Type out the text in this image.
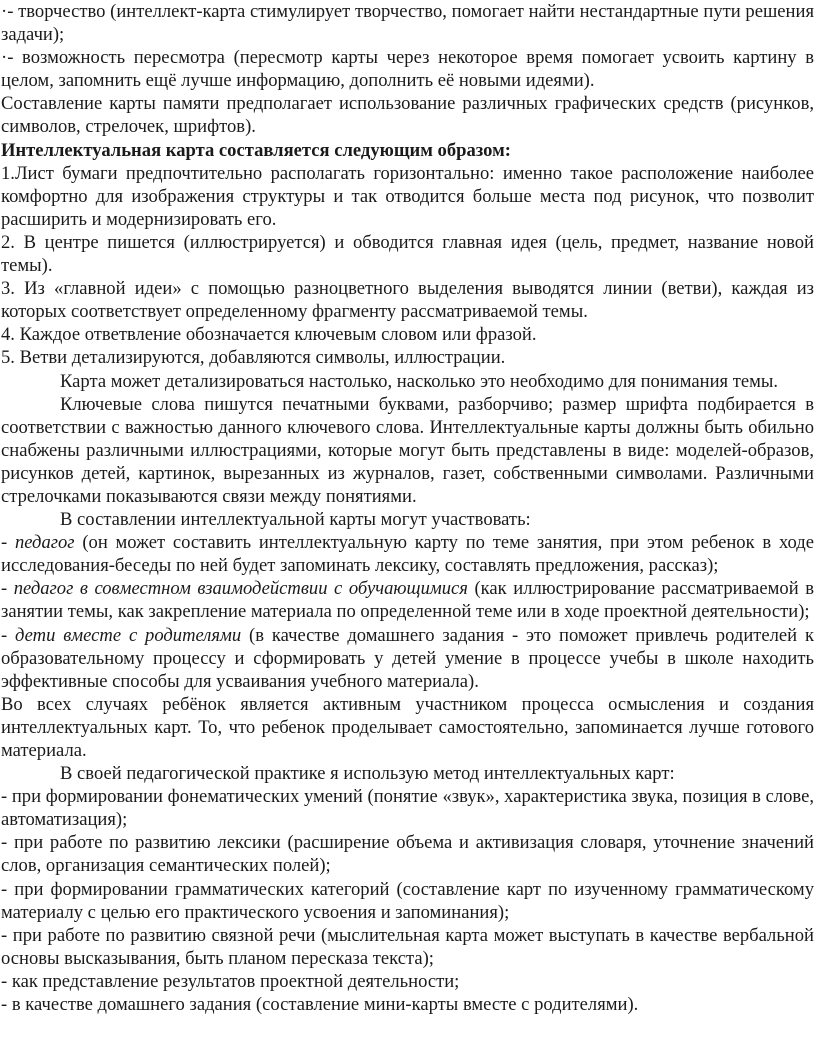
·- творчество (интеллект-карта стимулирует творчество, помогает найти нестандартные пути решения задачи);

·- возможность пересмотра (пересмотр карты через некоторое время помогает усвоить картину в целом, запомнить ещё лучше информацию, дополнить её новыми идеями).

Составление карты памяти предполагает использование различных графических средств (рисунков, символов, стрелочек, шрифтов).

Интеллектуальная карта составляется следующим образом:

1.Лист бумаги предпочтительно располагать горизонтально: именно такое расположение наиболее комфортно для изображения структуры и так отводится больше места под рисунок, что позволит расширить и модернизировать его.

2. В центре пишется (иллюстрируется) и обводится главная идея (цель, предмет, название новой темы).

3. Из «главной идеи» с помощью разноцветного выделения выводятся линии (ветви), каждая из которых соответствует определенному фрагменту рассматриваемой темы.

4. Каждое ответвление обозначается ключевым словом или фразой.

5. Ветви детализируются, добавляются символы, иллюстрации.

Карта может детализироваться настолько, насколько это необходимо для понимания темы.

Ключевые слова пишутся печатными буквами, разборчиво; размер шрифта подбирается в соответствии с важностью данного ключевого слова. Интеллектуальные карты должны быть обильно снабжены различными иллюстрациями, которые могут быть представлены в виде: моделей-образов, рисунков детей, картинок, вырезанных из журналов, газет, собственными символами. Различными стрелочками показываются связи между понятиями.

В составлении интеллектуальной карты могут участвовать:

- педагог (он может составить интеллектуальную карту по теме занятия, при этом ребенок в ходе исследования-беседы по ней будет запоминать лексику, составлять предложения, рассказ);

- педагог в совместном взаимодействии с обучающимися (как иллюстрирование рассматриваемой в занятии темы, как закрепление материала по определенной теме или в ходе проектной деятельности);

- дети вместе с родителями (в качестве домашнего задания - это поможет привлечь родителей к образовательному процессу и сформировать у детей умение в процессе учебы в школе находить эффективные способы для усваивания учебного материала).

Во всех случаях ребёнок является активным участником процесса осмысления и создания интеллектуальных карт. То, что ребенок проделывает самостоятельно, запоминается лучше готового материала.

В своей педагогической практике я использую метод интеллектуальных карт:

- при формировании фонематических умений (понятие «звук», характеристика звука, позиция в слове, автоматизация);

- при работе по развитию лексики (расширение объема и активизация словаря, уточнение значений слов, организация семантических полей);

- при формировании грамматических категорий (составление карт по изученному грамматическому материалу с целью его практического усвоения и запоминания);

- при работе по развитию связной речи (мыслительная карта может выступать в качестве вербальной основы высказывания, быть планом пересказа текста);

- как представление результатов проектной деятельности;

- в качестве домашнего задания (составление мини-карты вместе с родителями).
